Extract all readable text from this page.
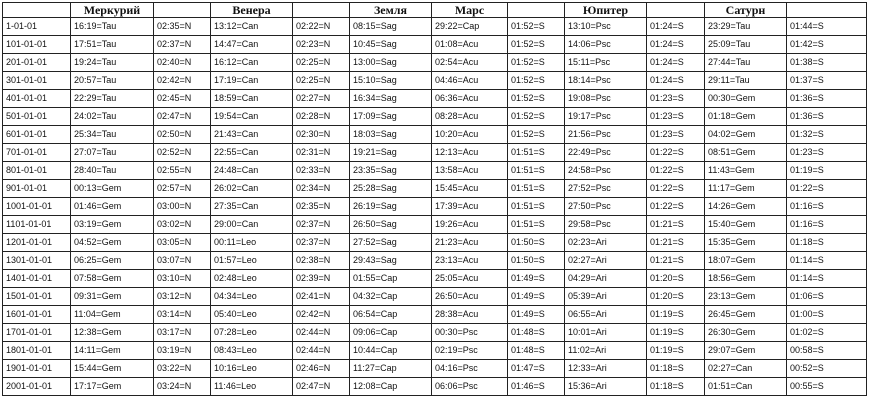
	Меркурий		Венера		Земля	Марс		Юпитер		Сатурн	
1-01-01	16:19=Tau	02:35=N	13:12=Can	02:22=N	08:15=Sag	29:22=Cap	01:52=S	13:10=Psc	01:24=S	23:29=Tau	01:44=S
101-01-01	17:51=Tau	02:37=N	14:47=Can	02:23=N	10:45=Sag	01:08=Acu	01:52=S	14:06=Psc	01:24=S	25:09=Tau	01:42=S
201-01-01	19:24=Tau	02:40=N	16:12=Can	02:25=N	13:00=Sag	02:54=Acu	01:52=S	15:11=Psc	01:24=S	27:44=Tau	01:38=S
301-01-01	20:57=Tau	02:42=N	17:19=Can	02:25=N	15:10=Sag	04:46=Acu	01:52=S	18:14=Psc	01:24=S	29:11=Tau	01:37=S
401-01-01	22:29=Tau	02:45=N	18:59=Can	02:27=N	16:34=Sag	06:36=Acu	01:52=S	19:08=Psc	01:23=S	00:30=Gem	01:36=S
501-01-01	24:02=Tau	02:47=N	19:54=Can	02:28=N	17:09=Sag	08:28=Acu	01:52=S	19:17=Psc	01:23=S	01:18=Gem	01:36=S
601-01-01	25:34=Tau	02:50=N	21:43=Can	02:30=N	18:03=Sag	10:20=Acu	01:52=S	21:56=Psc	01:23=S	04:02=Gem	01:32=S
701-01-01	27:07=Tau	02:52=N	22:55=Can	02:31=N	19:21=Sag	12:13=Acu	01:51=S	22:49=Psc	01:22=S	08:51=Gem	01:23=S
801-01-01	28:40=Tau	02:55=N	24:48=Can	02:33=N	23:35=Sag	13:58=Acu	01:51=S	24:58=Psc	01:22=S	11:43=Gem	01:19=S
901-01-01	00:13=Gem	02:57=N	26:02=Can	02:34=N	25:28=Sag	15:45=Acu	01:51=S	27:52=Psc	01:22=S	11:17=Gem	01:22=S
1001-01-01	01:46=Gem	03:00=N	27:35=Can	02:35=N	26:19=Sag	17:39=Acu	01:51=S	27:50=Psc	01:22=S	14:26=Gem	01:16=S
1101-01-01	03:19=Gem	03:02=N	29:00=Can	02:37=N	26:50=Sag	19:26=Acu	01:51=S	29:58=Psc	01:21=S	15:40=Gem	01:16=S
1201-01-01	04:52=Gem	03:05=N	00:11=Leo	02:37=N	27:52=Sag	21:23=Acu	01:50=S	02:23=Ari	01:21=S	15:35=Gem	01:18=S
1301-01-01	06:25=Gem	03:07=N	01:57=Leo	02:38=N	29:43=Sag	23:13=Acu	01:50=S	02:27=Ari	01:21=S	18:07=Gem	01:14=S
1401-01-01	07:58=Gem	03:10=N	02:48=Leo	02:39=N	01:55=Cap	25:05=Acu	01:49=S	04:29=Ari	01:20=S	18:56=Gem	01:14=S
1501-01-01	09:31=Gem	03:12=N	04:34=Leo	02:41=N	04:32=Cap	26:50=Acu	01:49=S	05:39=Ari	01:20=S	23:13=Gem	01:06=S
1601-01-01	11:04=Gem	03:14=N	05:40=Leo	02:42=N	06:54=Cap	28:38=Acu	01:49=S	06:55=Ari	01:19=S	26:45=Gem	01:00=S
1701-01-01	12:38=Gem	03:17=N	07:28=Leo	02:44=N	09:06=Cap	00:30=Psc	01:48=S	10:01=Ari	01:19=S	26:30=Gem	01:02=S
1801-01-01	14:11=Gem	03:19=N	08:43=Leo	02:44=N	10:44=Cap	02:19=Psc	01:48=S	11:02=Ari	01:19=S	29:07=Gem	00:58=S
1901-01-01	15:44=Gem	03:22=N	10:16=Leo	02:46=N	11:27=Cap	04:16=Psc	01:47=S	12:33=Ari	01:18=S	02:27=Can	00:52=S
2001-01-01	17:17=Gem	03:24=N	11:46=Leo	02:47=N	12:08=Cap	06:06=Psc	01:46=S	15:36=Ari	01:18=S	01:51=Can	00:55=S
